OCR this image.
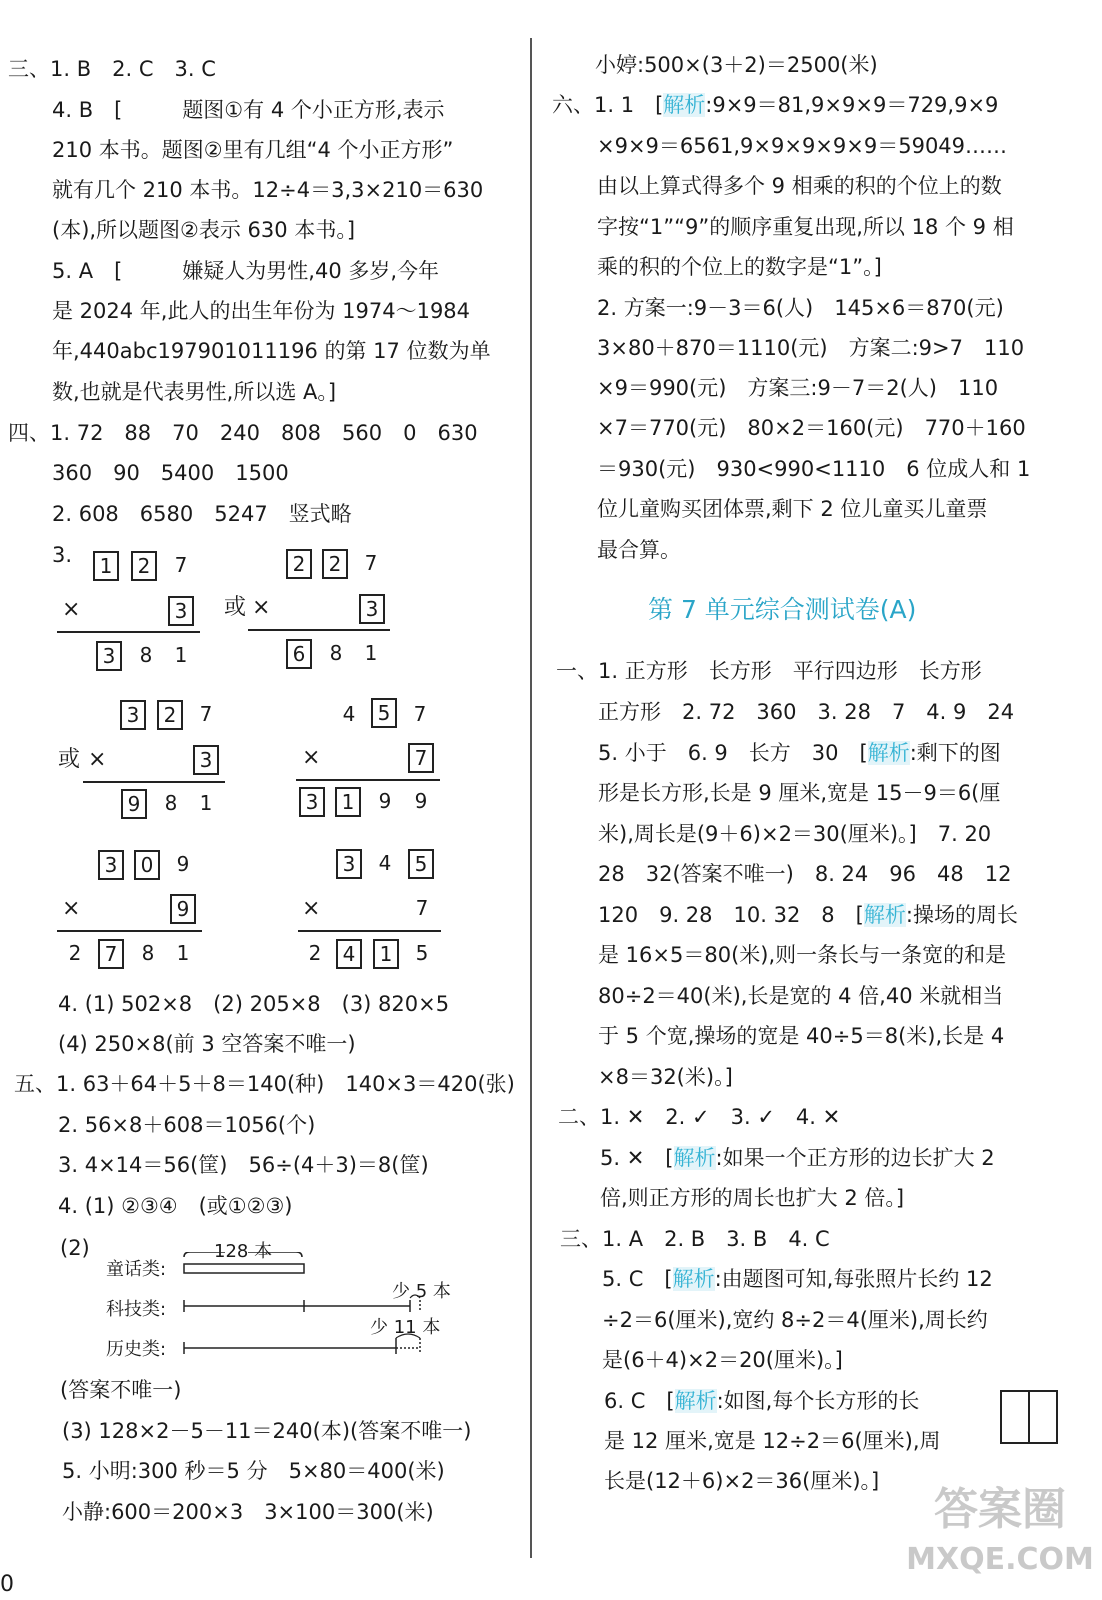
三、1. B　2. C　3. C
4. B　[	题图①有 4 个小正方形,表示
210 本书。题图②里有几组“4 个小正方形”
就有几个 210 本书。12÷4＝3,3×210＝630
(本),所以题图②表示 630 本书。]
5. A　[	嫌疑人为男性,40 多岁,今年
是 2024 年,此人的出生年份为 1974～1984
年,440abc197901011196 的第 17 位数为单
数,也就是代表男性,所以选 A。]
四、1. 72　88　70　240　808　560　0　630
360　90　5400　1500
2. 608　6580　5247　竖式略
3.	1	2	7
×	3
3	8	1
2	2	7
或 ×	3
6	8	1
3	2	7
或 ×	3
9	8	1
4	5	7
×	7
3	1	9	9
3	0	9
×	9
2	7	8	1
3	4	5
×	7
2	4	1	5
4. (1) 502×8　(2) 205×8　(3) 820×5
(4) 250×8(前 3 空答案不唯一)
五、1. 63＋64＋5＋8＝140(种)　140×3＝420(张)
2. 56×8＋608＝1056(个)
3. 4×14＝56(筐)　56÷(4＋3)＝8(筐)
4. (1) ②③④　(或①②③)
(2)	128 本
童话类:
科技类:
历史类:
少 5 本
少 11 本
(答案不唯一)
(3) 128×2－5－11＝240(本)(答案不唯一)
5. 小明:300 秒＝5 分　5×80＝400(米)
小静:600＝200×3　3×100＝300(米)
小婷:500×(3＋2)＝2500(米)
六、1. 1　[解析:9×9＝81,9×9×9＝729,9×9
×9×9＝6561,9×9×9×9×9＝59049……
由以上算式得多个 9 相乘的积的个位上的数
字按“1”“9”的顺序重复出现,所以 18 个 9 相
乘的积的个位上的数字是“1”。]
2. 方案一:9－3＝6(人)　145×6＝870(元)
3×80＋870＝1110(元)　方案二:9>7　110
×9＝990(元)　方案三:9－7＝2(人)　110
×7＝770(元)　80×2＝160(元)　770＋160
＝930(元)　930<990<1110　6 位成人和 1
位儿童购买团体票,剩下 2 位儿童买儿童票
最合算。
第 7 单元综合测试卷(A)
一、1. 正方形　长方形　平行四边形　长方形
正方形　2. 72　360　3. 28　7　4. 9　24
5. 小于　6. 9　长方　30　[解析:剩下的图
形是长方形,长是 9 厘米,宽是 15－9＝6(厘
米),周长是(9＋6)×2＝30(厘米)。]　7. 20
28　32(答案不唯一)　8. 24　96　48　12
120　9. 28　10. 32　8　[解析:操场的周长
是 16×5＝80(米),则一条长与一条宽的和是
80÷2＝40(米),长是宽的 4 倍,40 米就相当
于 5 个宽,操场的宽是 40÷5＝8(米),长是 4
×8＝32(米)。]
二、1. ✕　2. ✓　3. ✓　4. ✕
5. ✕　[解析:如果一个正方形的边长扩大 2
倍,则正方形的周长也扩大 2 倍。]
三、1. A　2. B　3. B　4. C
5. C　[解析:由题图可知,每张照片长约 12
÷2＝6(厘米),宽约 8÷2＝4(厘米),周长约
是(6＋4)×2＝20(厘米)。]
6. C　[解析:如图,每个长方形的长
是 12 厘米,宽是 12÷2＝6(厘米),周
长是(12＋6)×2＝36(厘米)。]
答案圈
MXQE.COM
0
